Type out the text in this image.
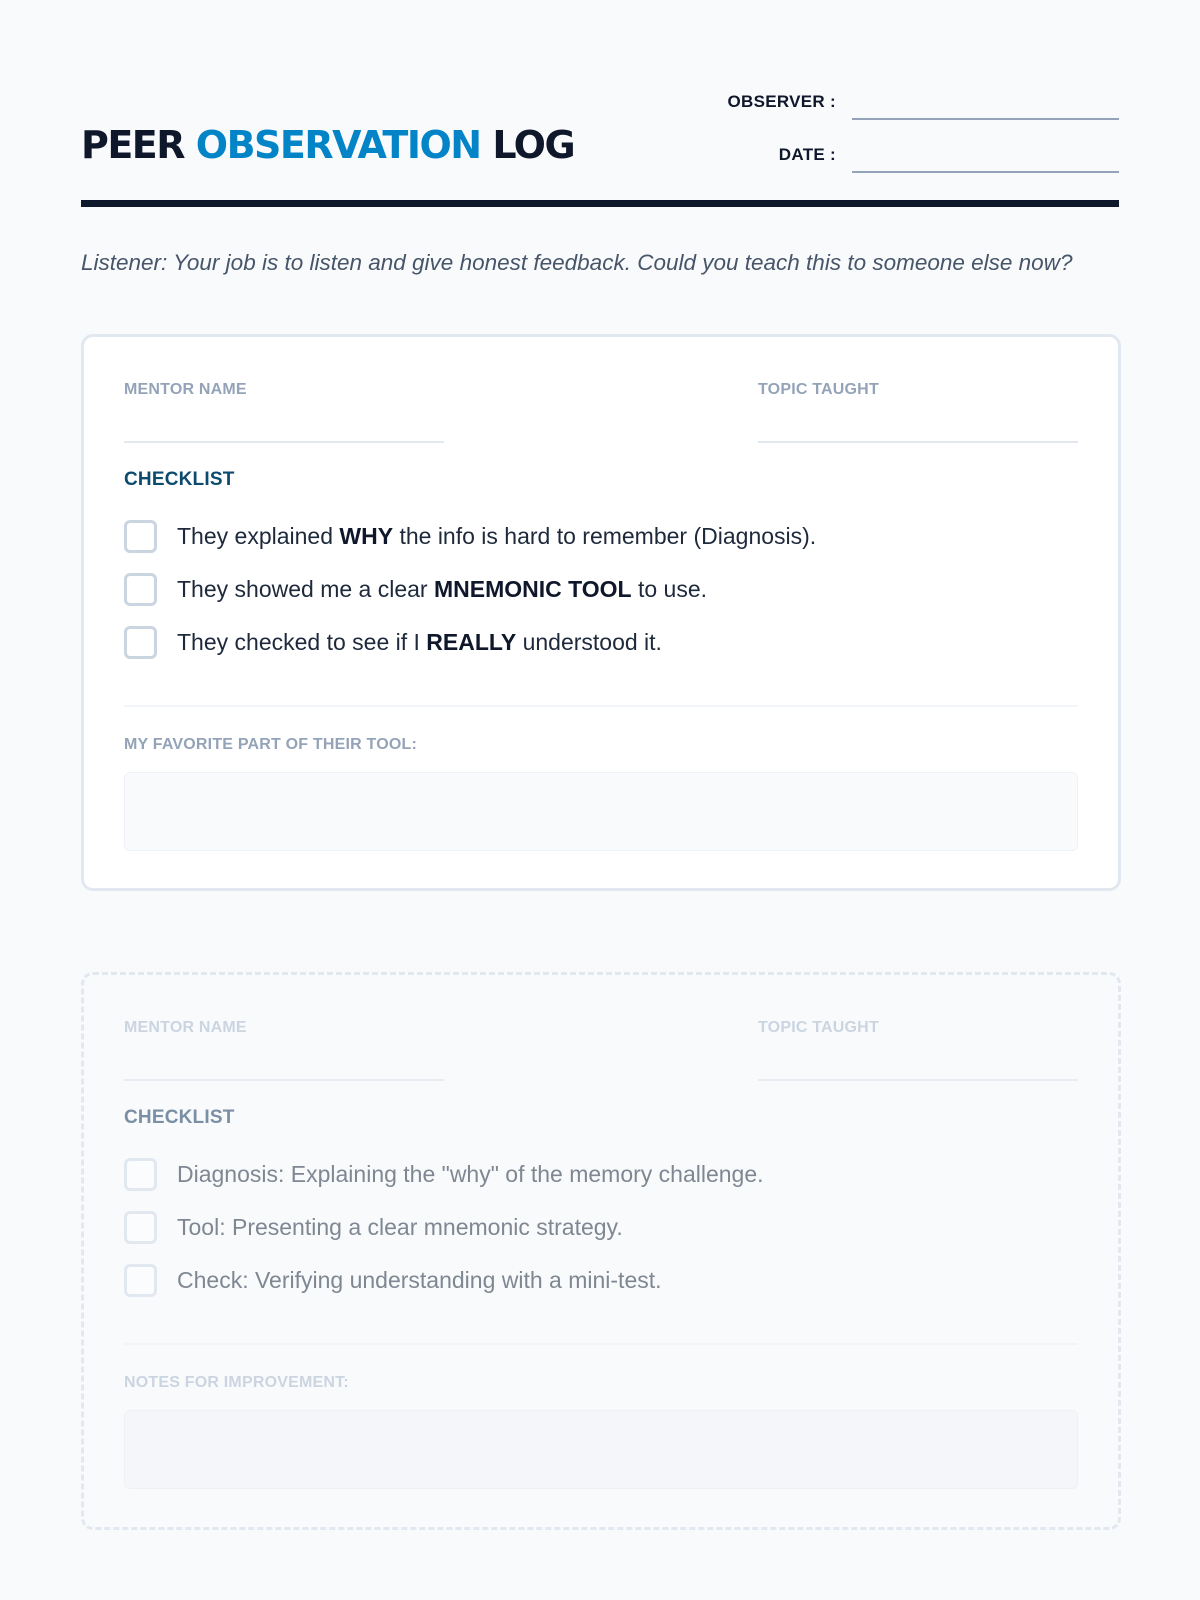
PEER OBSERVATION LOG
OBSERVER :
DATE :

Listener: Your job is to listen and give honest feedback. Could you teach this to someone else now?

MENTOR NAME	TOPIC TAUGHT
CHECKLIST
They explained WHY the info is hard to remember (Diagnosis).
They showed me a clear MNEMONIC TOOL to use.
They checked to see if I REALLY understood it.
MY FAVORITE PART OF THEIR TOOL:
MENTOR NAME	TOPIC TAUGHT
CHECKLIST
Diagnosis: Explaining the "why" of the memory challenge.
Tool: Presenting a clear mnemonic strategy.
Check: Verifying understanding with a mini-test.
NOTES FOR IMPROVEMENT:
